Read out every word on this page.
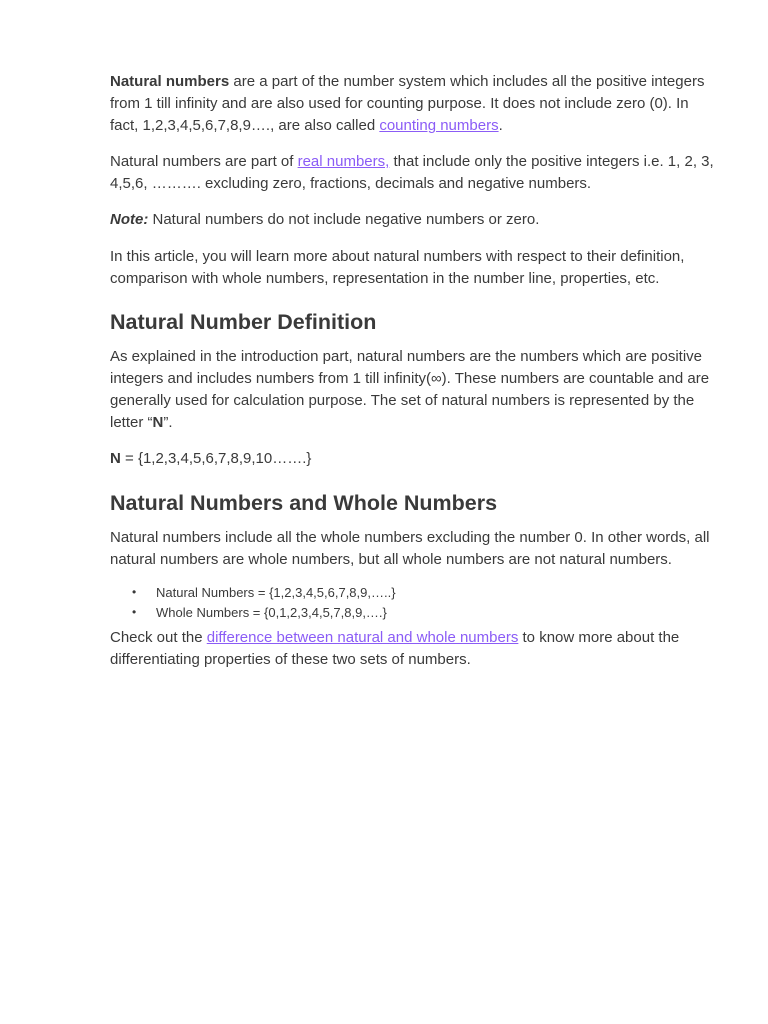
Natural numbers are a part of the number system which includes all the positive integers from 1 till infinity and are also used for counting purpose. It does not include zero (0). In fact, 1,2,3,4,5,6,7,8,9…., are also called counting numbers.

Natural numbers are part of real numbers, that include only the positive integers i.e. 1, 2, 3, 4,5,6, ………. excluding zero, fractions, decimals and negative numbers.

Note: Natural numbers do not include negative numbers or zero.

In this article, you will learn more about natural numbers with respect to their definition, comparison with whole numbers, representation in the number line, properties, etc.

Natural Number Definition

As explained in the introduction part, natural numbers are the numbers which are positive integers and includes numbers from 1 till infinity(∞). These numbers are countable and are generally used for calculation purpose. The set of natural numbers is represented by the letter “N”.

N = {1,2,3,4,5,6,7,8,9,10…….}

Natural Numbers and Whole Numbers

Natural numbers include all the whole numbers excluding the number 0. In other words, all natural numbers are whole numbers, but all whole numbers are not natural numbers.

• Natural Numbers = {1,2,3,4,5,6,7,8,9,…..}
• Whole Numbers = {0,1,2,3,4,5,7,8,9,….}

Check out the difference between natural and whole numbers to know more about the differentiating properties of these two sets of numbers.
